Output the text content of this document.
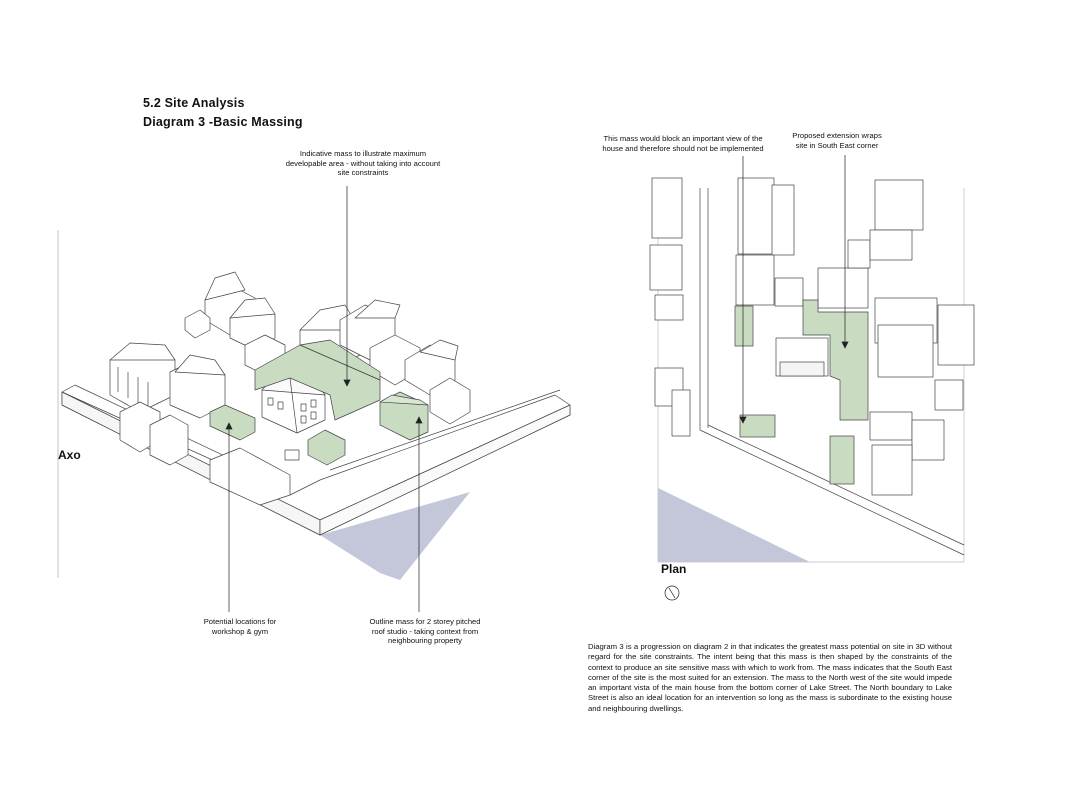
5.2 Site Analysis
Diagram 3 -Basic Massing
Indicative mass to illustrate maximum
developable area - without taking into account
site constraints
Potential locations for
workshop & gym
Outline mass for 2 storey pitched
roof studio - taking context from
neighbouring property
This mass would block an important view of the
house and therefore should not be implemented
Proposed extension wraps
site in South East corner
Axo
Plan
Diagram 3 is a progression on diagram 2 in that indicates the greatest mass potential on site in 3D without regard for the site constraints. The intent being that this mass is then shaped by the constraints of the context to produce an site sensitive mass with which to work from. The mass indicates that the South East corner of the site is the most suited for an extension. The mass to the North west of the site would impede an important vista of the main house from the bottom corner of Lake Street. The North boundary to Lake Street is also an ideal location for an intervention so long as the mass is subordinate to the existing house and neighbouring dwellings.
